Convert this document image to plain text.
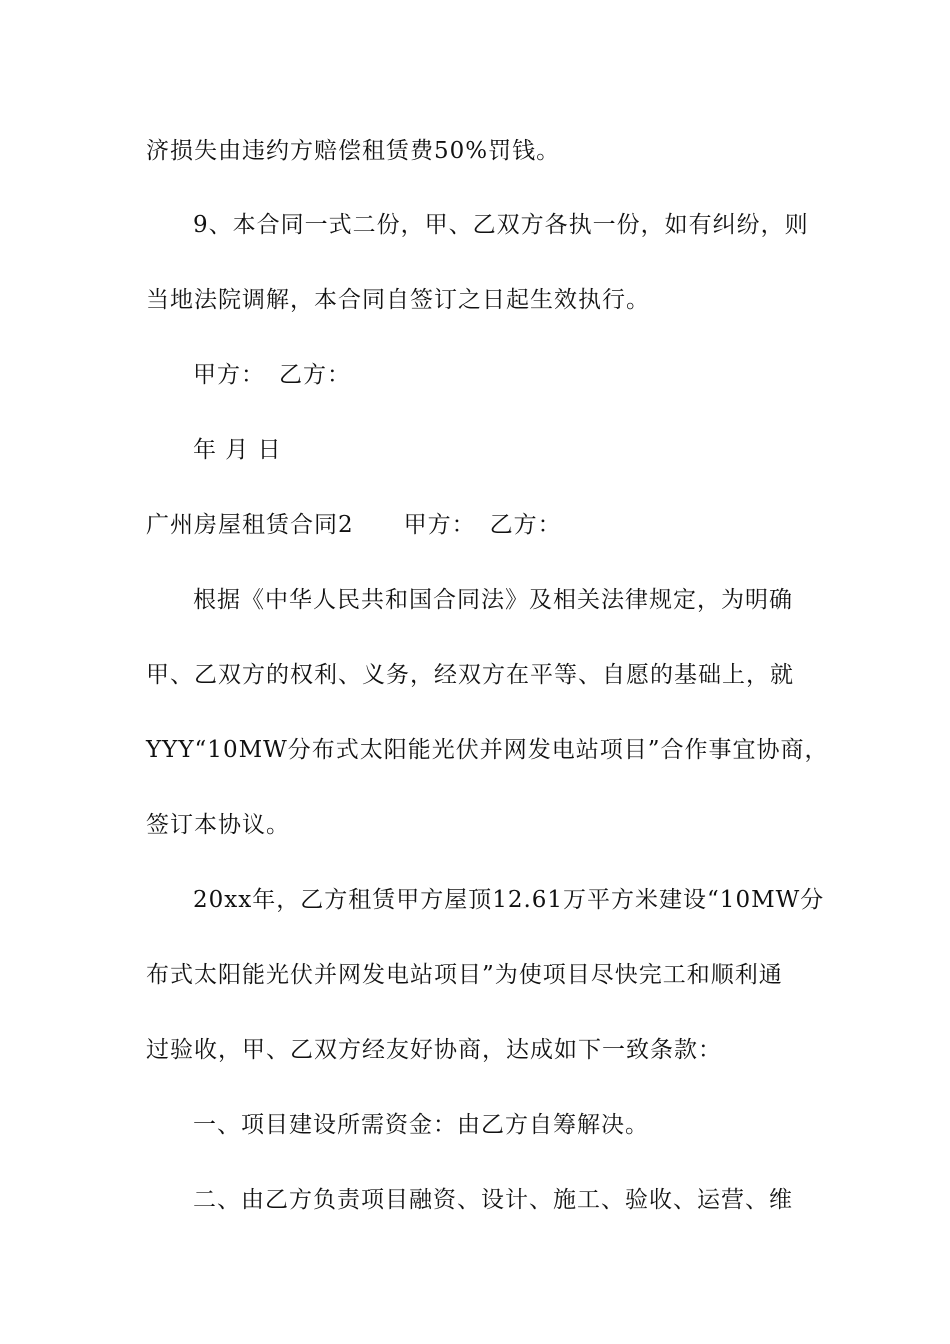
济损失由违约方赔偿租赁费50%罚钱。
9、本合同一式二份，甲、乙双方各执一份，如有纠纷，则
当地法院调解，本合同自签订之日起生效执行。
甲方： 乙方：
年 月 日
广州房屋租赁合同2 甲方： 乙方：
根据《中华人民共和国合同法》及相关法律规定，为明确
甲、乙双方的权利、义务，经双方在平等、自愿的基础上，就
YYY“10MW分布式太阳能光伏并网发电站项目”合作事宜协商，
签订本协议。
20xx年，乙方租赁甲方屋顶12.61万平方米建设“10MW分
布式太阳能光伏并网发电站项目”为使项目尽快完工和顺利通
过验收，甲、乙双方经友好协商，达成如下一致条款：
一、项目建设所需资金：由乙方自筹解决。
二、由乙方负责项目融资、设计、施工、验收、运营、维
